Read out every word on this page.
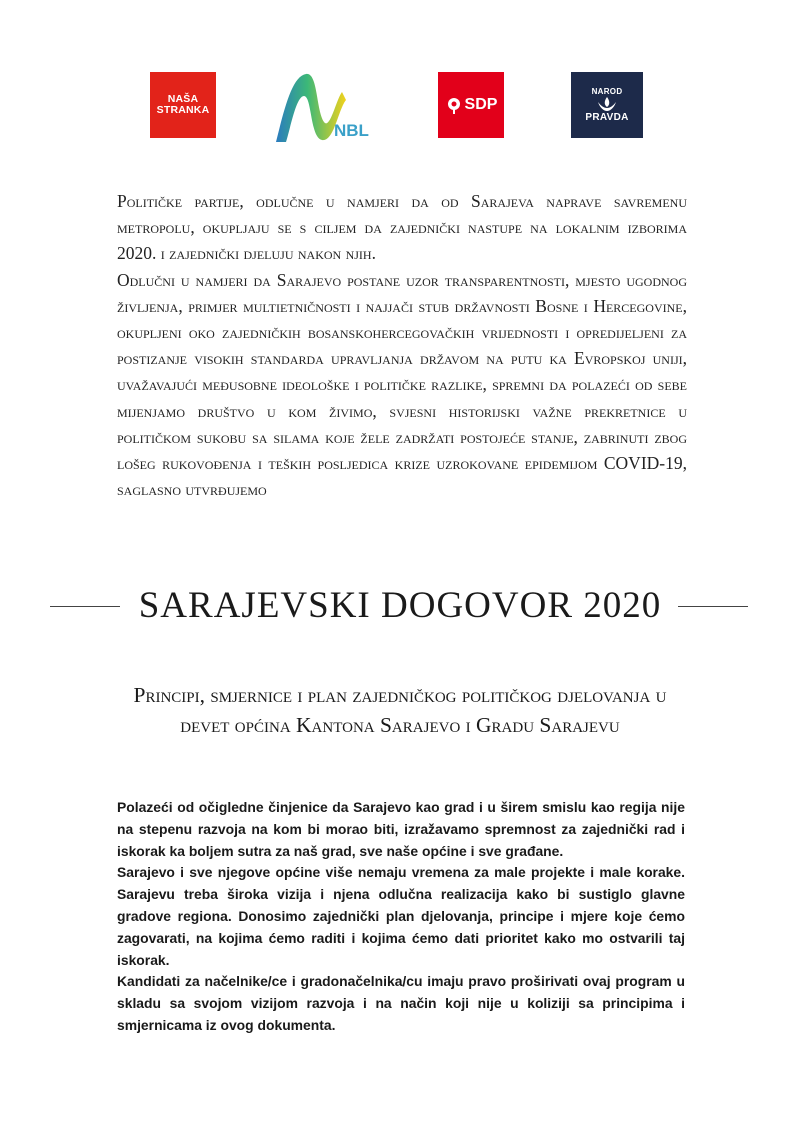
NAŠA
STRANKA
NBL
SDP
NAROD
PRAVDA

Političke partije, odlučne u namjeri da od Sarajeva naprave savremenu metropolu, okupljaju se s ciljem da zajednički nastupe na lokalnim izborima 2020. i zajednički djeluju nakon njih.

Odlučni u namjeri da Sarajevo postane uzor transparentnosti, mjesto ugodnog življenja, primjer multietničnosti i najjači stub državnosti Bosne i Hercegovine, okupljeni oko zajedničkih bosanskohercegovačkih vrijednosti i opredijeljeni za postizanje visokih standarda upravljanja državom na putu ka Evropskoj uniji, uvažavajući međusobne ideološke i političke razlike, spremni da polazeći od sebe mijenjamo društvo u kom živimo, svjesni historijski važne prekretnice u političkom sukobu sa silama koje žele zadržati postojeće stanje, zabrinuti zbog lošeg rukovođenja i teških posljedica krize uzrokovane epidemijom COVID-19, saglasno utvrđujemo

SARAJEVSKI DOGOVOR 2020
Principi, smjernice i plan zajedničkog političkog djelovanja u devet općina Kantona Sarajevo i Gradu Sarajevu

Polazeći od očigledne činjenice da Sarajevo kao grad i u širem smislu kao regija nije na stepenu razvoja na kom bi morao biti, izražavamo spremnost za zajednički rad i iskorak ka boljem sutra za naš grad, sve naše općine i sve građane.

Sarajevo i sve njegove općine više nemaju vremena za male projekte i male korake. Sarajevu treba široka vizija i njena odlučna realizacija kako bi sustiglo glavne gradove regiona. Donosimo zajednički plan djelovanja, principe i mjere koje ćemo zagovarati, na kojima ćemo raditi i kojima ćemo dati prioritet kako mo ostvarili taj iskorak.

Kandidati za načelnike/ce i gradonačelnika/cu imaju pravo proširivati ovaj program u skladu sa svojom vizijom razvoja i na način koji nije u koliziji sa principima i smjernicama iz ovog dokumenta.
